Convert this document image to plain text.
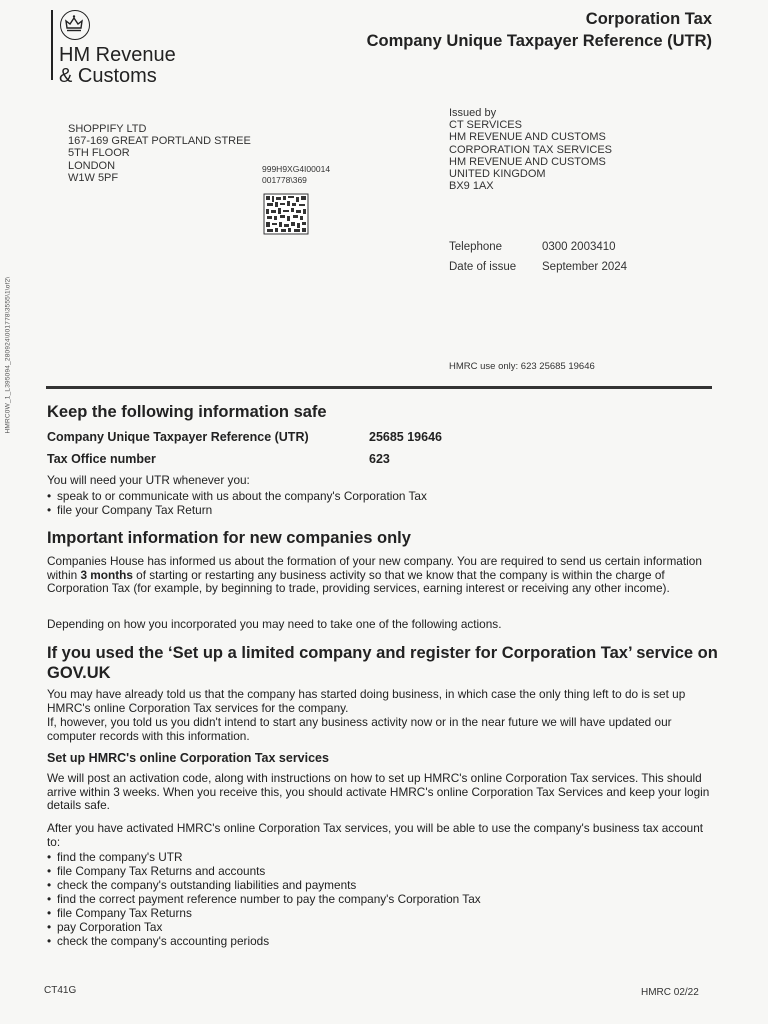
HMRC0W_1_L395094_280924\001778\3555\1\of2\
HM Revenue
& Customs
Corporation Tax
Company Unique Taxpayer Reference (UTR)
SHOPPIFY LTD
167-169 GREAT PORTLAND STREE
5TH FLOOR
LONDON
W1W 5PF
999H9XG4I00014
001778\369
Issued by
CT SERVICES
HM REVENUE AND CUSTOMS
CORPORATION TAX SERVICES
HM REVENUE AND CUSTOMS
UNITED KINGDOM
BX9 1AX
Telephone	0300 2003410
Date of issue September 2024
HMRC use only: 623 25685 19646
Keep the following information safe
Company Unique Taxpayer Reference (UTR)	25685 19646
Tax Office number	623
You will need your UTR whenever you:
• speak to or communicate with us about the company's Corporation Tax
• file your Company Tax Return
Important information for new companies only

Companies House has informed us about the formation of your new company. You are required to send us certain information within 3 months of starting or restarting any business activity so that we know that the company is within the charge of Corporation Tax (for example, by beginning to trade, providing services, earning interest or receiving any other income).

Depending on how you incorporated you may need to take one of the following actions.
If you used the ‘Set up a limited company and register for Corporation Tax’ service on GOV.UK
You may have already told us that the company has started doing business, in which case the only thing left to do is set up HMRC's online Corporation Tax services for the company.
If, however, you told us you didn't intend to start any business activity now or in the near future we will have updated our computer records with this information.
Set up HMRC's online Corporation Tax services
We will post an activation code, along with instructions on how to set up HMRC's online Corporation Tax services. This should arrive within 3 weeks. When you receive this, you should activate HMRC's online Corporation Tax Services and keep your login details safe.
After you have activated HMRC's online Corporation Tax services, you will be able to use the company's business tax account to:
• find the company's UTR
• file Company Tax Returns and accounts
• check the company's outstanding liabilities and payments
• find the correct payment reference number to pay the company's Corporation Tax
• file Company Tax Returns
• pay Corporation Tax
• check the company's accounting periods
CT41G	HMRC 02/22
